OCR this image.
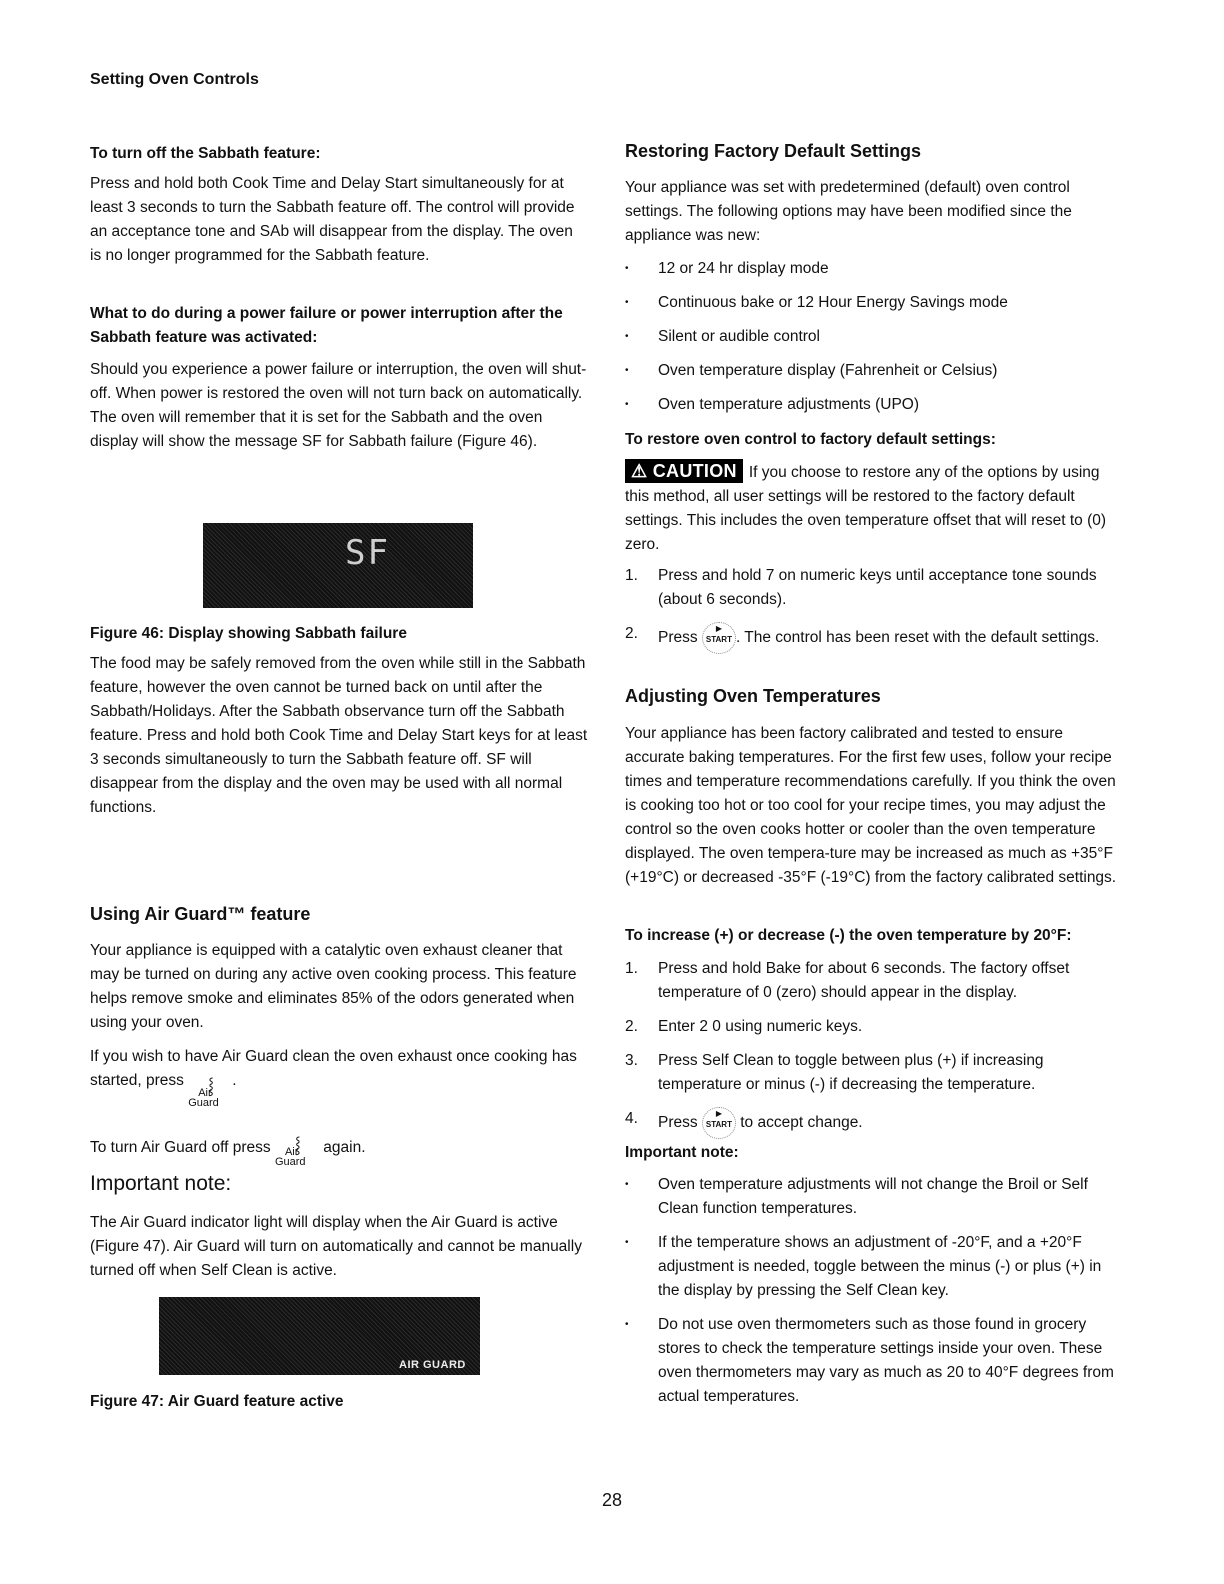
Setting Oven Controls

To turn off the Sabbath feature:

Press and hold both Cook Time and Delay Start simultaneously for at least 3 seconds to turn the Sabbath feature off. The control will provide an acceptance tone and SAb will disappear from the display. The oven is no longer programmed for the Sabbath feature.

What to do during a power failure or power interruption after the Sabbath feature was activated:

Should you experience a power failure or interruption, the oven will shut-off. When power is restored the oven will not turn back on automatically. The oven will remember that it is set for the Sabbath and the oven display will show the message SF for Sabbath failure (Figure 46).

SF

Figure 46: Display showing Sabbath failure

The food may be safely removed from the oven while still in the Sabbath feature, however the oven cannot be turned back on until after the Sabbath/Holidays. After the Sabbath observance turn off the Sabbath feature. Press and hold both Cook Time and Delay Start keys for at least 3 seconds simultaneously to turn the Sabbath feature off. SF will disappear from the display and the oven may be used with all normal functions.

Using Air Guard™ feature

Your appliance is equipped with a catalytic oven exhaust cleaner that may be turned on during any active oven cooking process. This feature helps remove smoke and eliminates 85% of the odors generated when using your oven.

If you wish to have Air Guard clean the oven exhaust once cooking has started, press ⸾
Air
Guard
.
To turn Air Guard off press ⸾
Air
Guard
again.

Important note:

The Air Guard indicator light will display when the Air Guard is active (Figure 47). Air Guard will turn on automatically and cannot be manually turned off when Self Clean is active.

AIR GUARD

Figure 47: Air Guard feature active

Restoring Factory Default Settings

Your appliance was set with predetermined (default) oven control settings. The following options may have been modified since the appliance was new:

•	12 or 24 hr display mode
•	Continuous bake or 12 Hour Energy Savings mode
•	Silent or audible control
•	Oven temperature display (Fahrenheit or Celsius)
•	Oven temperature adjustments (UPO)

To restore oven control to factory default settings:

⚠ CAUTION If you choose to restore any of the options by using this method, all user settings will be restored to the factory default settings. This includes the oven temperature offset that will reset to (0) zero.
1.	Press and hold 7 on numeric keys until acceptance tone sounds (about 6 seconds).
2.	Press
▶
START . The control has been reset with the default settings.

Adjusting Oven Temperatures

Your appliance has been factory calibrated and tested to ensure accurate baking temperatures. For the first few uses, follow your recipe times and temperature recommendations carefully. If you think the oven is cooking too hot or too cool for your recipe times, you may adjust the control so the oven cooks hotter or cooler than the oven temperature displayed. The oven tempera-ture may be increased as much as +35°F (+19°C) or decreased -35°F (-19°C) from the factory calibrated settings.

To increase (+) or decrease (-) the oven temperature by 20°F:

1.	Press and hold Bake for about 6 seconds. The factory offset temperature of 0 (zero) should appear in the display.
2.	Enter 2 0 using numeric keys.
3.	Press Self Clean to toggle between plus (+) if increasing temperature or minus (-) if decreasing the temperature.
4.	Press
▶
START to accept change.

Important note:

•	Oven temperature adjustments will not change the Broil or Self Clean function temperatures.
•	If the temperature shows an adjustment of -20°F, and a +20°F adjustment is needed, toggle between the minus (-) or plus (+) in the display by pressing the Self Clean key.
•	Do not use oven thermometers such as those found in grocery stores to check the temperature settings inside your oven. These oven thermometers may vary as much as 20 to 40°F degrees from actual temperatures.
28
